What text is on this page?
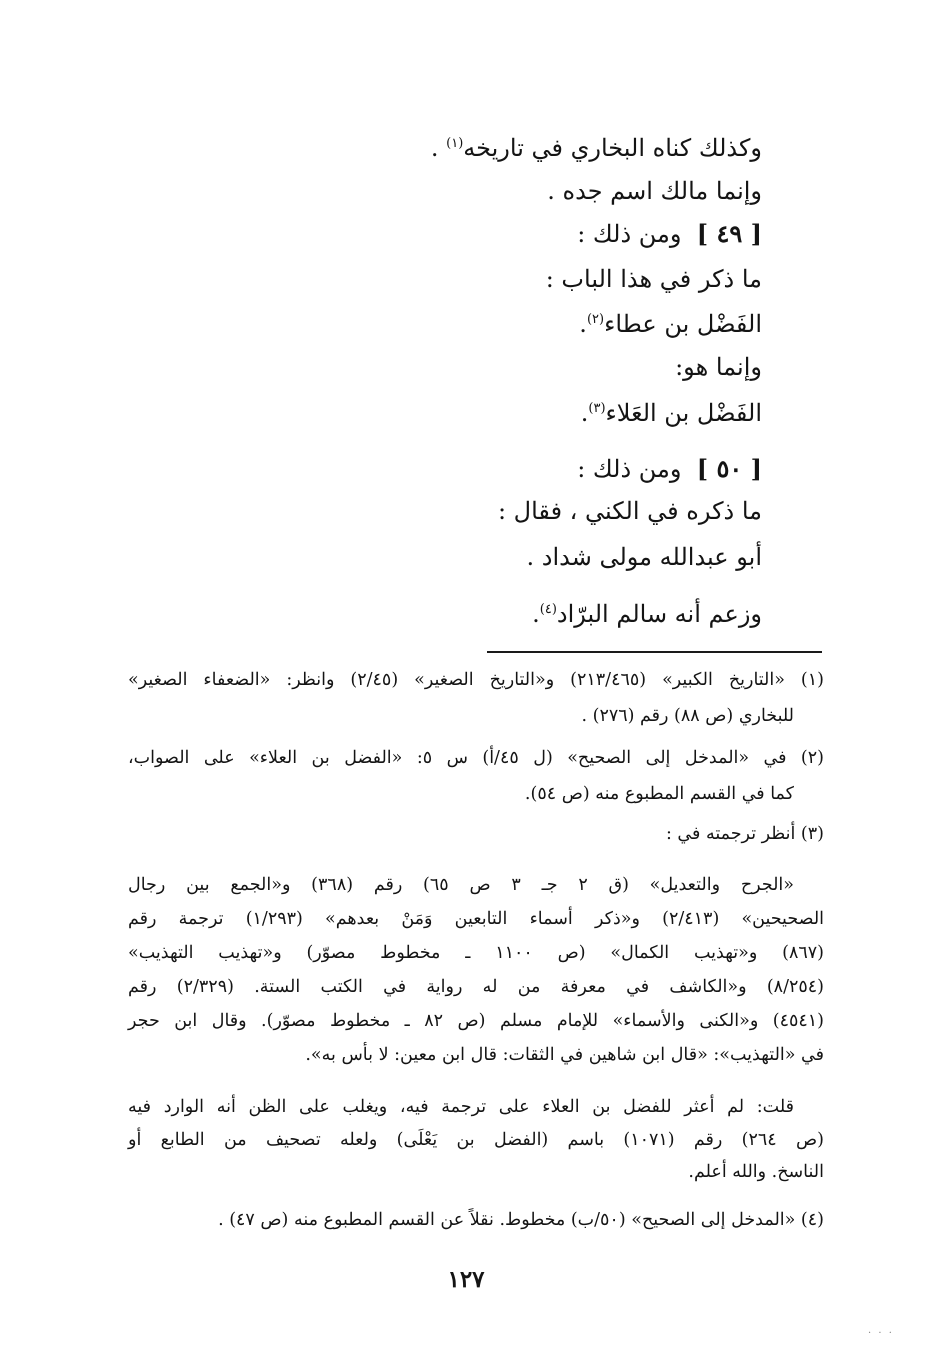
وكذلك كناه البخاري في تاريخه$^{(١)}$ .

وإنما مالك اسم جده .

[ ٤٩ ]  ومن ذلك :

ما ذكر في هذا الباب :

الفَضْل بن عطاء$^{(٢)}$.

وإنما هو:

الفَضْل بن العَلاء$^{(٣)}$.

[ ٥٠ ]  ومن ذلك :

ما ذكره في الكني ، فقال :

أبو عبدالله مولى شداد .

وزعم أنه سالم البرّاد$^{(٤)}$.

(١) «التاريخ الكبير» (٢١٣/٤٦٥) و«التاريخ الصغير» (٢/٤٥) وانظر: «الضعفاء الصغير»

للبخاري (ص ٨٨) رقم (٢٧٦) .

(٢) في «المدخل إلى الصحيح» (ل ٤٥/أ) س ٥: «الفضل بن العلاء» على الصواب،

كما في القسم المطبوع منه (ص ٥٤).

(٣) أنظر ترجمته في :

«الجرح والتعديل» (ق ٢ جـ ٣ ص ٦٥) رقم (٣٦٨) و«الجمع بين رجال

الصحيحين» (٢/٤١٣) و«ذكر أسماء التابعين وَمَنْ بعدهم» (١/٢٩٣) ترجمة رقم

(٨٦٧) و«تهذيب الكمال» (ص ١١٠٠ ـ مخطوط مصوّر) و«تهذيب التهذيب»

(٨/٢٥٤) و«الكاشف في معرفة من له رواية في الكتب الستة. (٢/٣٢٩) رقم

(٤٥٤١) و«الكنى والأسماء» للإمام مسلم (ص ٨٢ ـ مخطوط مصوّر). وقال ابن حجر

في «التهذيب»: «قال ابن شاهين في الثقات: قال ابن معين: لا بأس به».

قلت: لم أعثر للفضل بن العلاء على ترجمة فيه، ويغلب على الظن أنه الوارد فيه

(ص ٢٦٤) رقم (١٠٧١) باسم (الفضل بن يَعْلَى) ولعله تصحيف من الطابع أو

الناسخ. والله أعلم.

(٤) «المدخل إلى الصحيح» (٥٠/ب) مخطوط. نقلاً عن القسم المطبوع منه (ص ٤٧) .

١٢٧
· · ·
